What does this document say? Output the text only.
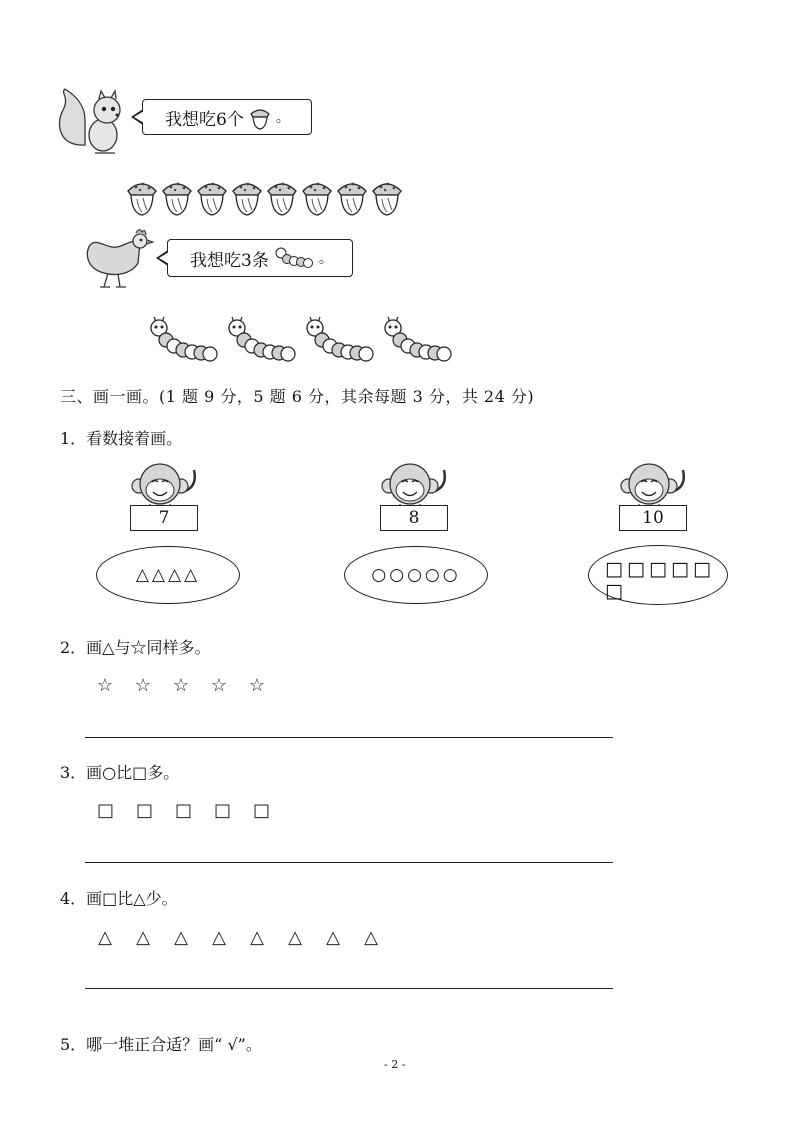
我想吃6个 。
我想吃3条	。
三、画一画。(1 题 9 分，5 题 6 分，其余每题 3 分，共 24 分)
1．看数接着画。
7
△△△△
8
○○○○○
10
□ □ □ □ □
□
2．画△与☆同样多。
☆	☆	☆	☆	☆
3．画○比□多。
□	□	□	□	□
4．画□比△少。
△	△	△	△	△	△	△	△
5．哪一堆正合适？画“ √”。
- 2 -
